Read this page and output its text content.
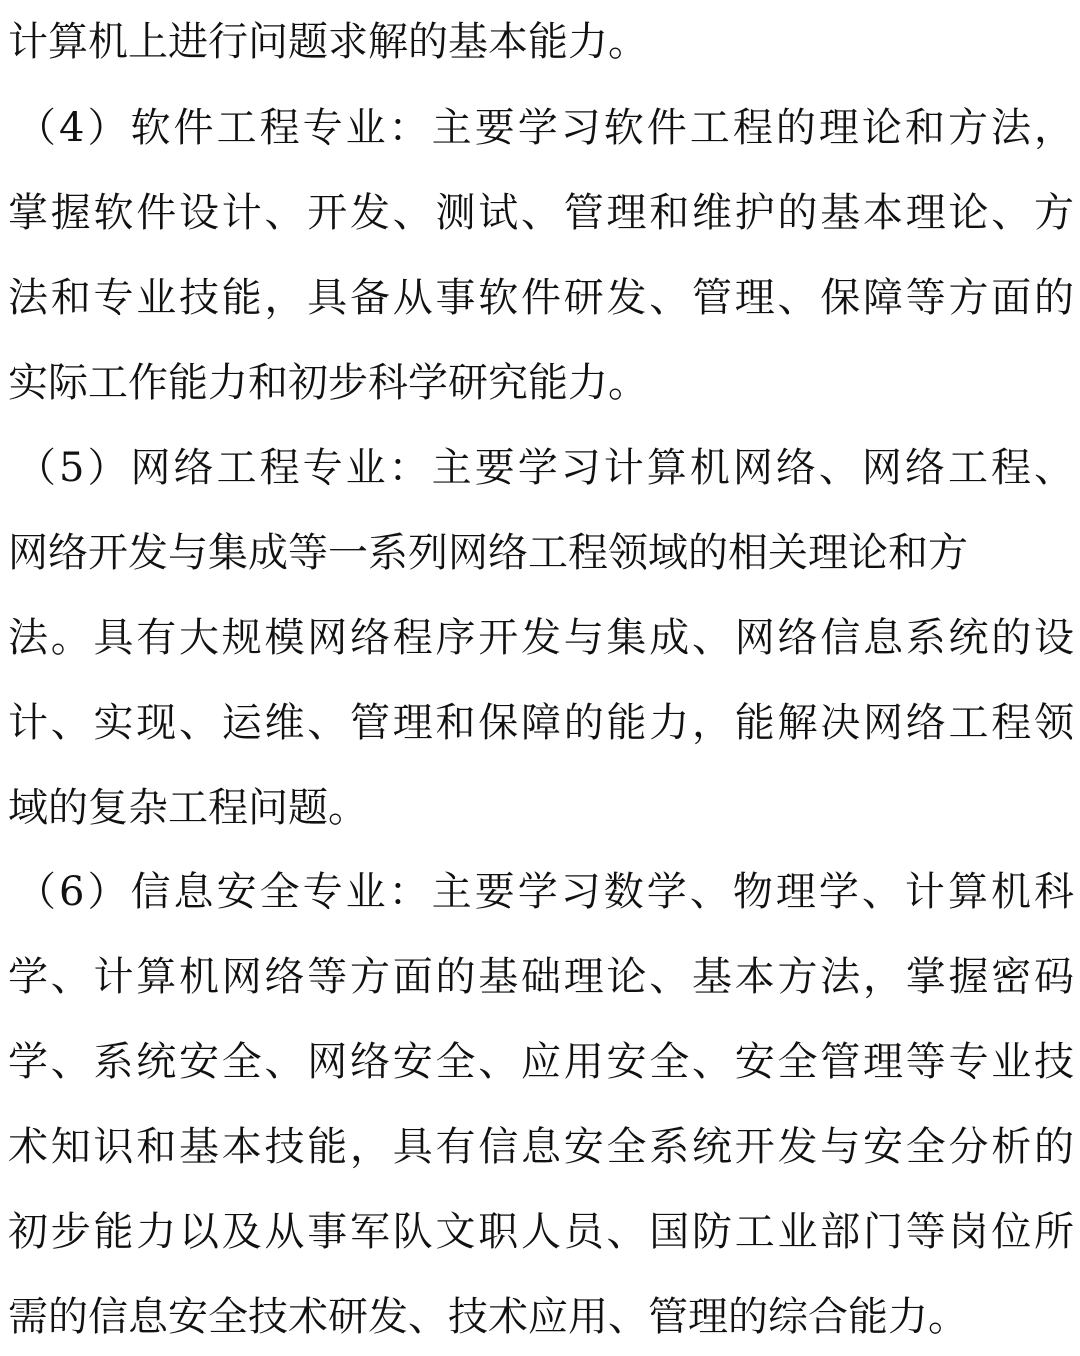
计算机上进行问题求解的基本能力。
（4）软件工程专业：主要学习软件工程的理论和方法，
掌握软件设计、开发、测试、管理和维护的基本理论、方
法和专业技能，具备从事软件研发、管理、保障等方面的
实际工作能力和初步科学研究能力。
（5）网络工程专业：主要学习计算机网络、网络工程、
网络开发与集成等一系列网络工程领域的相关理论和方
法。具有大规模网络程序开发与集成、网络信息系统的设
计、实现、运维、管理和保障的能力，能解决网络工程领
域的复杂工程问题。
（6）信息安全专业：主要学习数学、物理学、计算机科
学、计算机网络等方面的基础理论、基本方法，掌握密码
学、系统安全、网络安全、应用安全、安全管理等专业技
术知识和基本技能，具有信息安全系统开发与安全分析的
初步能力以及从事军队文职人员、国防工业部门等岗位所
需的信息安全技术研发、技术应用、管理的综合能力。
